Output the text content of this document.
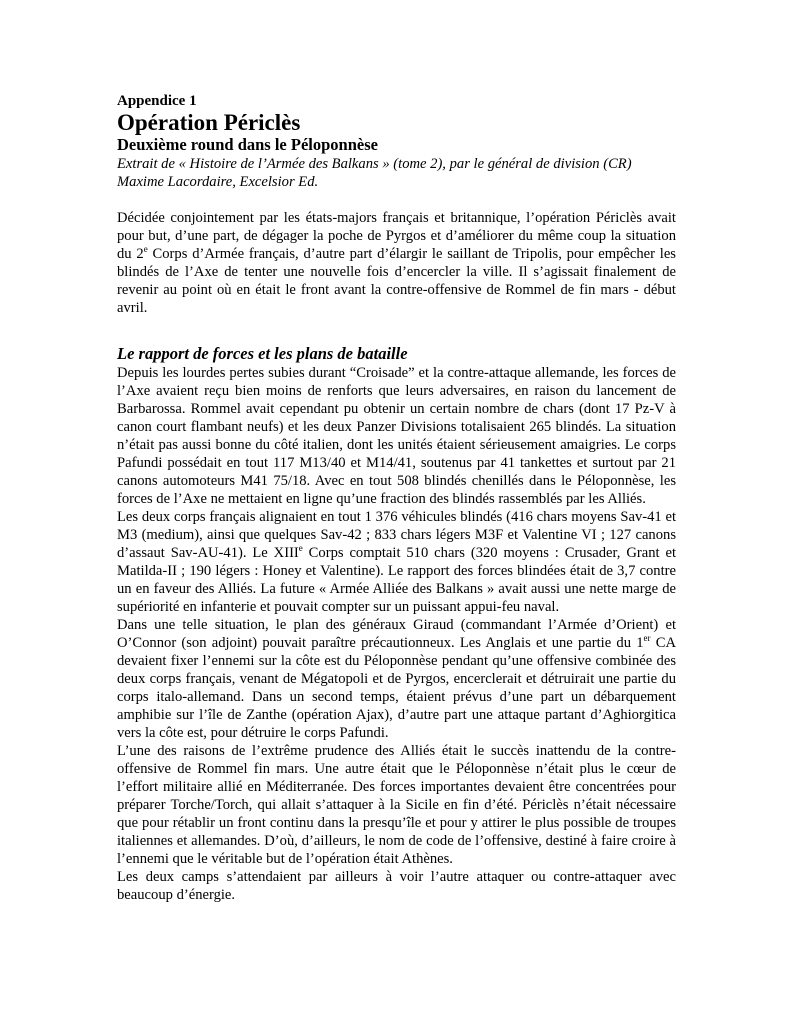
Appendice 1

Opération Périclès
Deuxième round dans le Péloponnèse

Extrait de « Histoire de l’Armée des Balkans » (tome 2), par le général de division (CR) Maxime Lacordaire, Excelsior Ed.

Décidée conjointement par les états-majors français et britannique, l’opération Périclès avait pour but, d’une part, de dégager la poche de Pyrgos et d’améliorer du même coup la situation du 2e Corps d’Armée français, d’autre part d’élargir le saillant de Tripolis, pour empêcher les blindés de l’Axe de tenter une nouvelle fois d’encercler la ville. Il s’agissait finalement de revenir au point où en était le front avant la contre-offensive de Rommel de fin mars - début avril.

Le rapport de forces et les plans de bataille

Depuis les lourdes pertes subies durant “Croisade” et la contre-attaque allemande, les forces de l’Axe avaient reçu bien moins de renforts que leurs adversaires, en raison du lancement de Barbarossa. Rommel avait cependant pu obtenir un certain nombre de chars (dont 17 Pz-V à canon court flambant neufs) et les deux Panzer Divisions totalisaient 265 blindés. La situation n’était pas aussi bonne du côté italien, dont les unités étaient sérieusement amaigries. Le corps Pafundi possédait en tout 117 M13/40 et M14/41, soutenus par 41 tankettes et surtout par 21 canons automoteurs M41 75/18. Avec en tout 508 blindés chenillés dans le Péloponnèse, les forces de l’Axe ne mettaient en ligne qu’une fraction des blindés rassemblés par les Alliés.

Les deux corps français alignaient en tout 1 376 véhicules blindés (416 chars moyens Sav-41 et M3 (medium), ainsi que quelques Sav-42 ; 833 chars légers M3F et Valentine VI ; 127 canons d’assaut Sav-AU-41). Le XIIIe Corps comptait 510 chars (320 moyens : Crusader, Grant et Matilda-II ; 190 légers : Honey et Valentine). Le rapport des forces blindées était de 3,7 contre un en faveur des Alliés. La future « Armée Alliée des Balkans » avait aussi une nette marge de supériorité en infanterie et pouvait compter sur un puissant appui-feu naval.

Dans une telle situation, le plan des généraux Giraud (commandant l’Armée d’Orient) et O’Connor (son adjoint) pouvait paraître précautionneux. Les Anglais et une partie du 1er CA devaient fixer l’ennemi sur la côte est du Péloponnèse pendant qu’une offensive combinée des deux corps français, venant de Mégatopoli et de Pyrgos, encerclerait et détruirait une partie du corps italo-allemand. Dans un second temps, étaient prévus d’une part un débarquement amphibie sur l’île de Zanthe (opération Ajax), d’autre part une attaque partant d’Aghiorgitica vers la côte est, pour détruire le corps Pafundi.

L’une des raisons de l’extrême prudence des Alliés était le succès inattendu de la contre-offensive de Rommel fin mars. Une autre était que le Péloponnèse n’était plus le cœur de l’effort militaire allié en Méditerranée. Des forces importantes devaient être concentrées pour préparer Torche/Torch, qui allait s’attaquer à la Sicile en fin d’été. Périclès n’était nécessaire que pour rétablir un front continu dans la presqu’île et pour y attirer le plus possible de troupes italiennes et allemandes. D’où, d’ailleurs, le nom de code de l’offensive, destiné à faire croire à l’ennemi que le véritable but de l’opération était Athènes.

Les deux camps s’attendaient par ailleurs à voir l’autre attaquer ou contre-attaquer avec beaucoup d’énergie.
